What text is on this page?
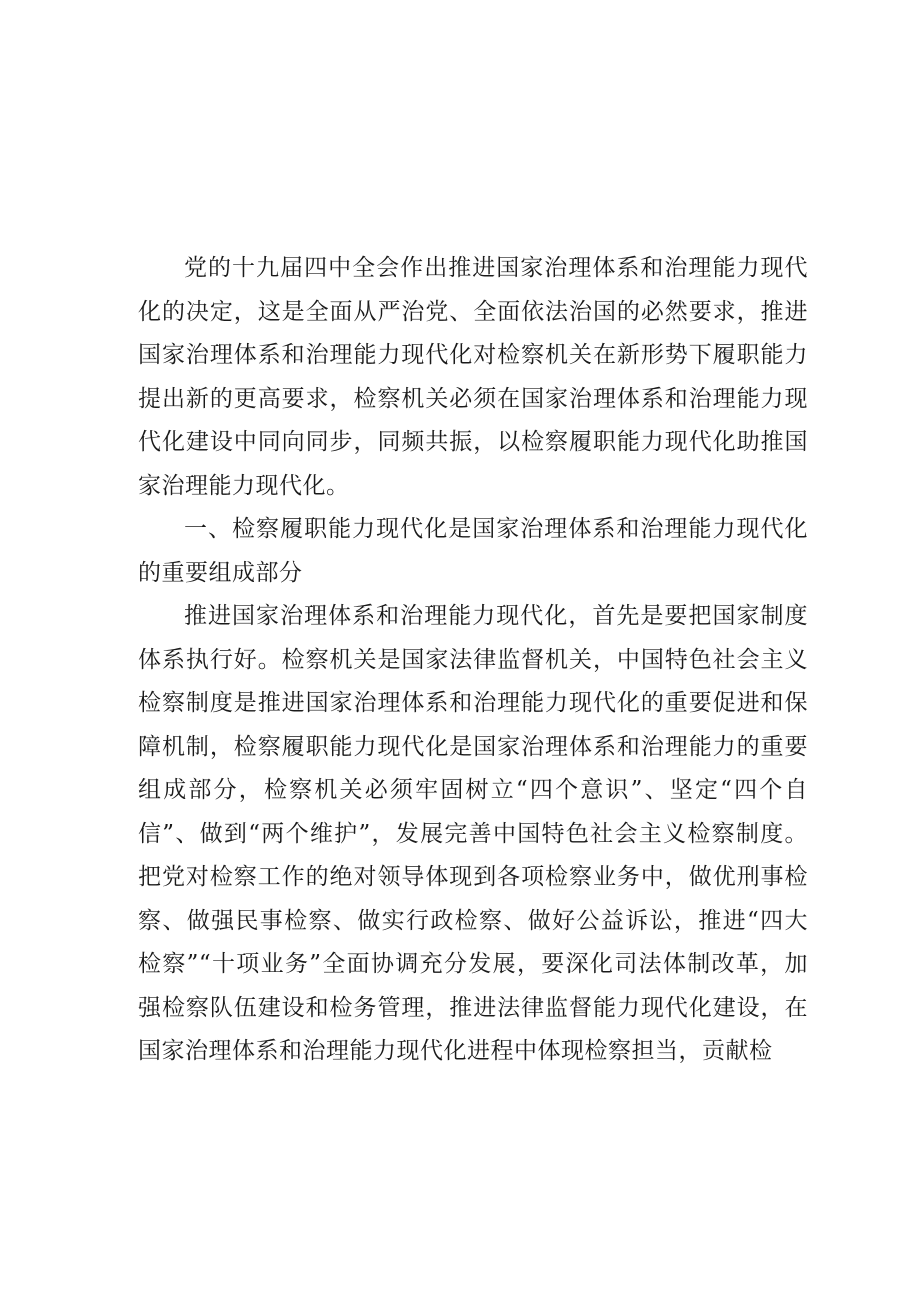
党的十九届四中全会作出推进国家治理体系和治理能力现代化的决定，这是全面从严治党、全面依法治国的必然要求，推进国家治理体系和治理能力现代化对检察机关在新形势下履职能力提出新的更高要求，检察机关必须在国家治理体系和治理能力现代化建设中同向同步，同频共振，以检察履职能力现代化助推国家治理能力现代化。

一、检察履职能力现代化是国家治理体系和治理能力现代化的重要组成部分

推进国家治理体系和治理能力现代化，首先是要把国家制度体系执行好。检察机关是国家法律监督机关，中国特色社会主义检察制度是推进国家治理体系和治理能力现代化的重要促进和保障机制，检察履职能力现代化是国家治理体系和治理能力的重要组成部分，检察机关必须牢固树立“四个意识”、坚定“四个自信”、做到“两个维护”，发展完善中国特色社会主义检察制度。把党对检察工作的绝对领导体现到各项检察业务中，做优刑事检察、做强民事检察、做实行政检察、做好公益诉讼，推进“四大检察”“十项业务”全面协调充分发展，要深化司法体制改革，加强检察队伍建设和检务管理，推进法律监督能力现代化建设，在国家治理体系和治理能力现代化进程中体现检察担当，贡献检
